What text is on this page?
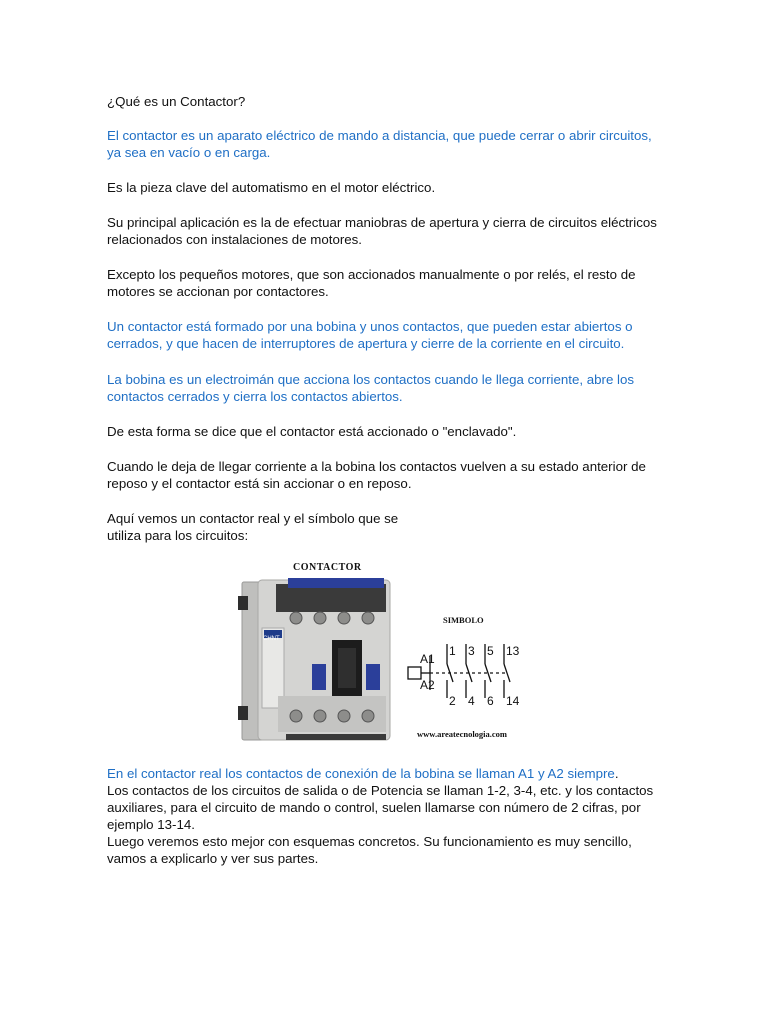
¿Qué es un Contactor?

El contactor es un aparato eléctrico de mando a distancia, que puede cerrar o abrir circuitos, ya sea en vacío o en carga.

Es la pieza clave del automatismo en el motor eléctrico.

Su principal aplicación es la de efectuar maniobras de apertura y cierra de circuitos eléctricos relacionados con instalaciones de motores.

Excepto los pequeños motores, que son accionados manualmente o por relés, el resto de motores se accionan por contactores.

Un contactor está formado por una bobina y unos contactos, que pueden estar abiertos o cerrados, y que hacen de interruptores de apertura y cierre de la corriente en el circuito.

La bobina es un electroimán que acciona los contactos cuando le llega corriente, abre los contactos cerrados y cierra los contactos abiertos.

De esta forma se dice que el contactor está accionado o "enclavado".

Cuando le deja de llegar corriente a la bobina los contactos vuelven a su estado anterior de reposo y el contactor está sin accionar o en reposo.

Aquí vemos un contactor real y el símbolo que se
utiliza para los circuitos:

A1
A2
1 3 5 13
2 4 6 14
CHNT
CONTACTOR
SIMBOLO
www.areatecnologia.com

En el contactor real los contactos de conexión de la bobina se llaman A1 y A2 siempre.
Los contactos de los circuitos de salida o de Potencia se llaman 1-2, 3-4, etc. y los contactos auxiliares, para el circuito de mando o control, suelen llamarse con número de 2 cifras, por ejemplo 13-14.
Luego veremos esto mejor con esquemas concretos. Su funcionamiento es muy sencillo, vamos a explicarlo y ver sus partes.
